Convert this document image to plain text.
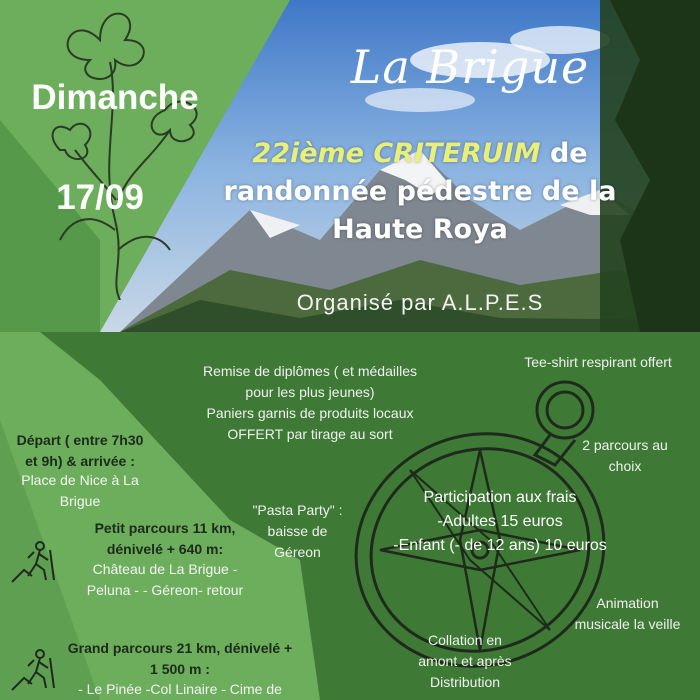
La Brigue
22ième CRITERUIM de
randonnée pédestre de la
Haute Roya
Organisé par A.L.P.E.S
Dimanche
17/09
Remise de diplômes ( et médailles
pour les plus jeunes)
Paniers garnis de produits locaux
OFFERT par tirage au sort
Tee-shirt respirant offert
Départ ( entre 7h30
et 9h) & arrivée :
Place de Nice à La
Brigue
2 parcours au
choix
"Pasta Party" :
baisse de
Géreon
Participation aux frais
-Adultes 15 euros
-Enfant (- de 12 ans) 10 euros
Petit parcours 11 km,
dénivelé + 640 m:
Château de La Brigue -
Peluna - - Géreon- retour
Animation
musicale la veille
Collation en
amont et après
Distribution
Grand parcours 21 km, dénivelé +
1 500 m :
- Le Pinée -Col Linaire - Cime de
